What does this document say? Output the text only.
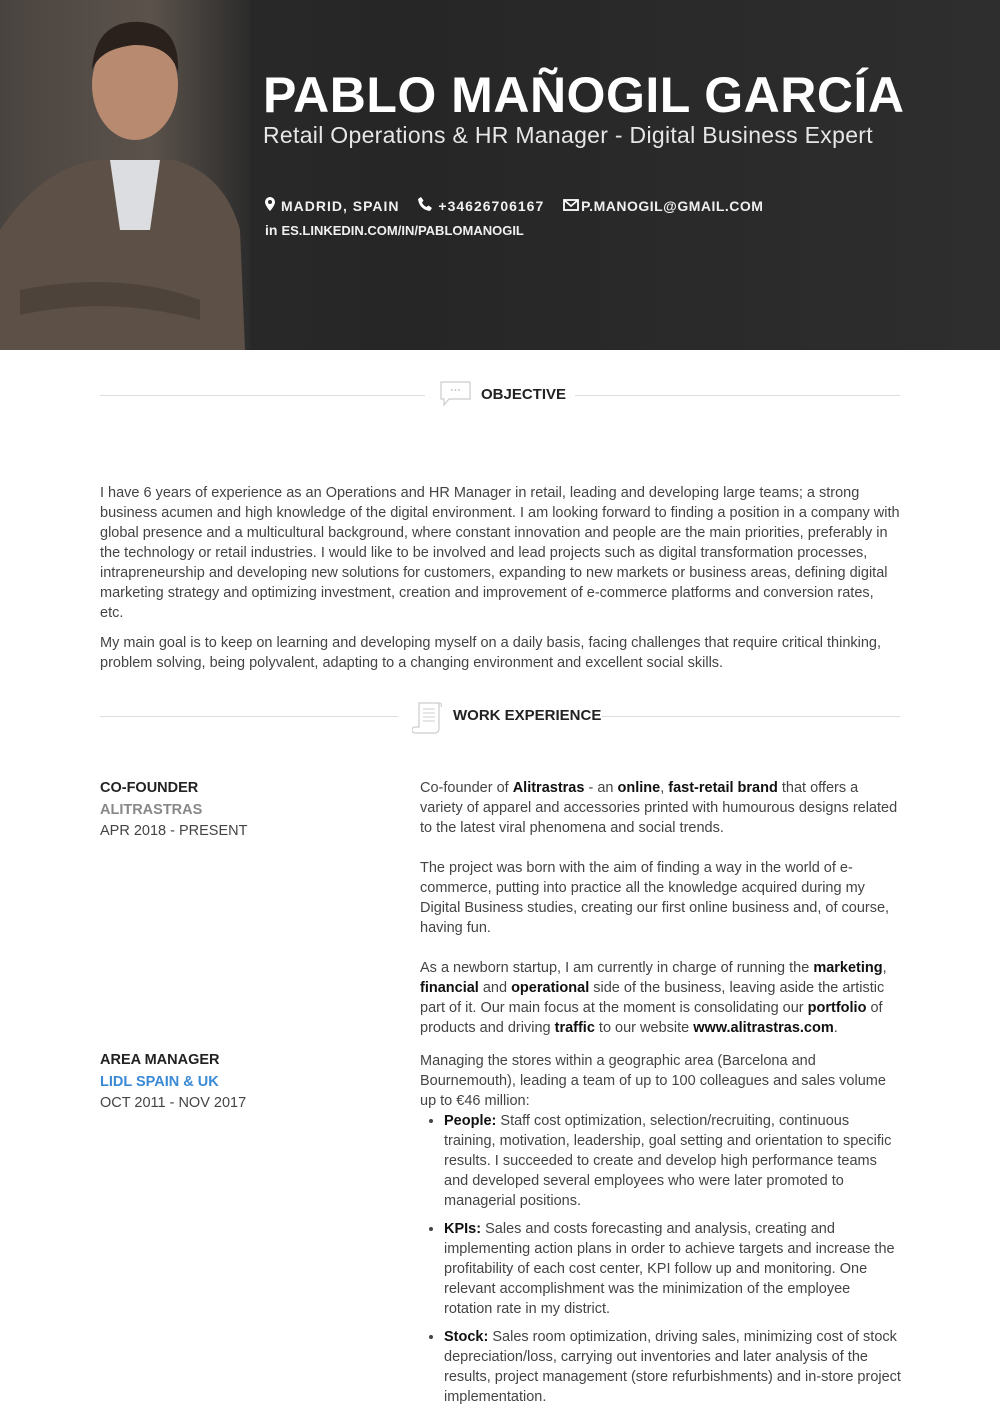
PABLO MAÑOGIL GARCÍA
Retail Operations & HR Manager - Digital Business Expert
MADRID, SPAIN	+34626706167	P.MANOGIL@GMAIL.COM
in ES.LINKEDIN.COM/IN/PABLOMANOGIL
OBJECTIVE
I have 6 years of experience as an Operations and HR Manager in retail, leading and developing large teams; a strong business acumen and high knowledge of the digital environment. I am looking forward to finding a position in a company with global presence and a multicultural background, where constant innovation and people are the main priorities, preferably in the technology or retail industries. I would like to be involved and lead projects such as digital transformation processes, intrapreneurship and developing new solutions for customers, expanding to new markets or business areas, defining digital marketing strategy and optimizing investment, creation and improvement of e-commerce platforms and conversion rates, etc.
My main goal is to keep on learning and developing myself on a daily basis, facing challenges that require critical thinking, problem solving, being polyvalent, adapting to a changing environment and excellent social skills.
WORK EXPERIENCE
CO-FOUNDER
ALITRASTRAS
APR 2018 - PRESENT

Co-founder of Alitrastras - an online, fast-retail brand that offers a variety of apparel and accessories printed with humourous designs related to the latest viral phenomena and social trends.

The project was born with the aim of finding a way in the world of e-commerce, putting into practice all the knowledge acquired during my Digital Business studies, creating our first online business and, of course, having fun.

As a newborn startup, I am currently in charge of running the marketing, financial and operational side of the business, leaving aside the artistic part of it. Our main focus at the moment is consolidating our portfolio of products and driving traffic to our website www.alitrastras.com.

AREA MANAGER
LIDL SPAIN & UK
OCT 2011 - NOV 2017
Managing the stores within a geographic area (Barcelona and Bournemouth), leading a team of up to 100 colleagues and sales volume up to €46 million:
• People: Staff cost optimization, selection/recruiting, continuous training, motivation, leadership, goal setting and orientation to specific results. I succeeded to create and develop high performance teams and developed several employees who were later promoted to managerial positions.
• KPIs: Sales and costs forecasting and analysis, creating and implementing action plans in order to achieve targets and increase the profitability of each cost center, KPI follow up and monitoring. One relevant accomplishment was the minimization of the employee rotation rate in my district.
• Stock: Sales room optimization, driving sales, minimizing cost of stock depreciation/loss, carrying out inventories and later analysis of the results, project management (store refurbishments) and in-store project implementation.
